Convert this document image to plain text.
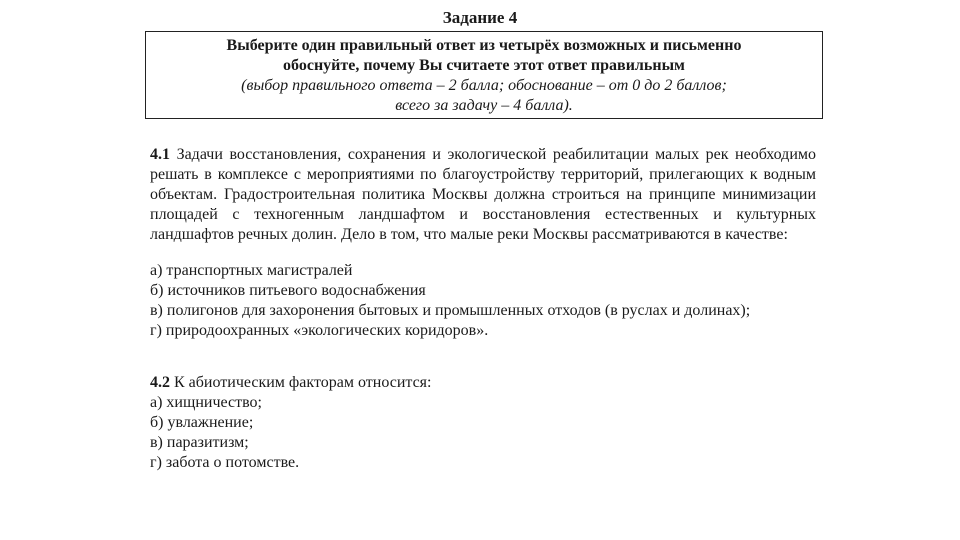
Задание 4
Выберите один правильный ответ из четырёх возможных и письменно
обоснуйте, почему Вы считаете этот ответ правильным
(выбор правильного ответа – 2 балла; обоснование – от 0 до 2 баллов;
всего за задачу – 4 балла).

4.1 Задачи восстановления, сохранения и экологической реабилитации малых рек необходимо решать в комплексе с мероприятиями по благоустройству территорий, прилегающих к водным объектам. Градостроительная политика Москвы должна строиться на принципе минимизации площадей с техногенным ландшафтом и восстановления естественных и культурных ландшафтов речных долин. Дело в том, что малые реки Москвы рассматриваются в качестве:

а) транспортных магистралей

б) источников питьевого водоснабжения

в) полигонов для захоронения бытовых и промышленных отходов (в руслах и долинах);

г) природоохранных «экологических коридоров».

4.2 К абиотическим факторам относится:

а) хищничество;

б) увлажнение;

в) паразитизм;

г) забота о потомстве.
